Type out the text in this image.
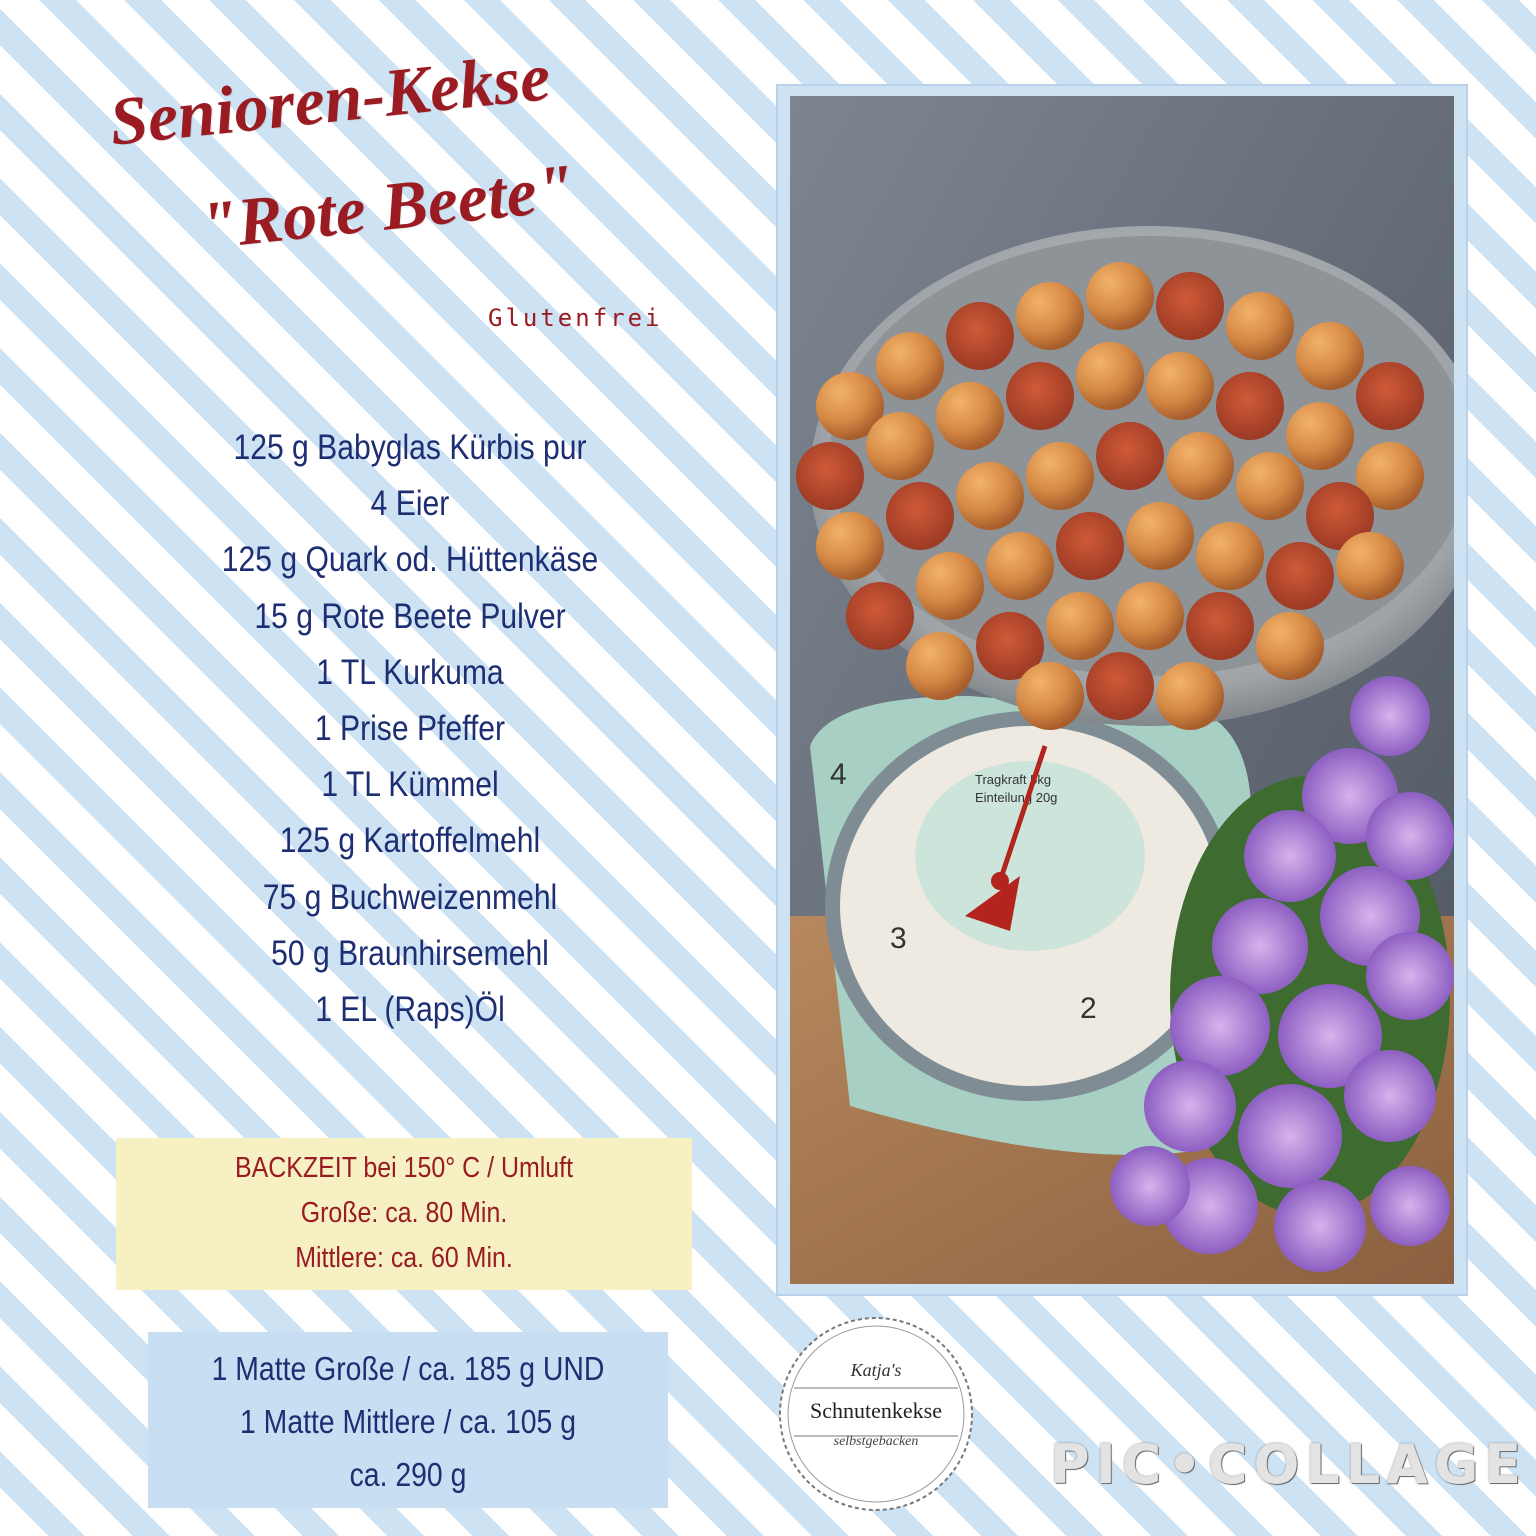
Senioren-Kekse
"Rote Beete"
Glutenfrei
125 g Babyglas Kürbis pur
4 Eier
125 g Quark od. Hüttenkäse
15 g Rote Beete Pulver
1 TL Kurkuma
1 Prise Pfeffer
1 TL Kümmel
125 g Kartoffelmehl
75 g Buchweizenmehl
50 g Braunhirsemehl
1 EL (Raps)Öl
BACKZEIT bei 150° C / Umluft
Große: ca. 80 Min.
Mittlere: ca. 60 Min.
1 Matte Große / ca. 185 g UND
1 Matte Mittlere / ca. 105 g
ca. 290 g
Tragkraft 5kg
Einteilung 20g
4
3
2
Katja's
Schnutenkekse
selbstgebacken	PIC•COLLAGE
